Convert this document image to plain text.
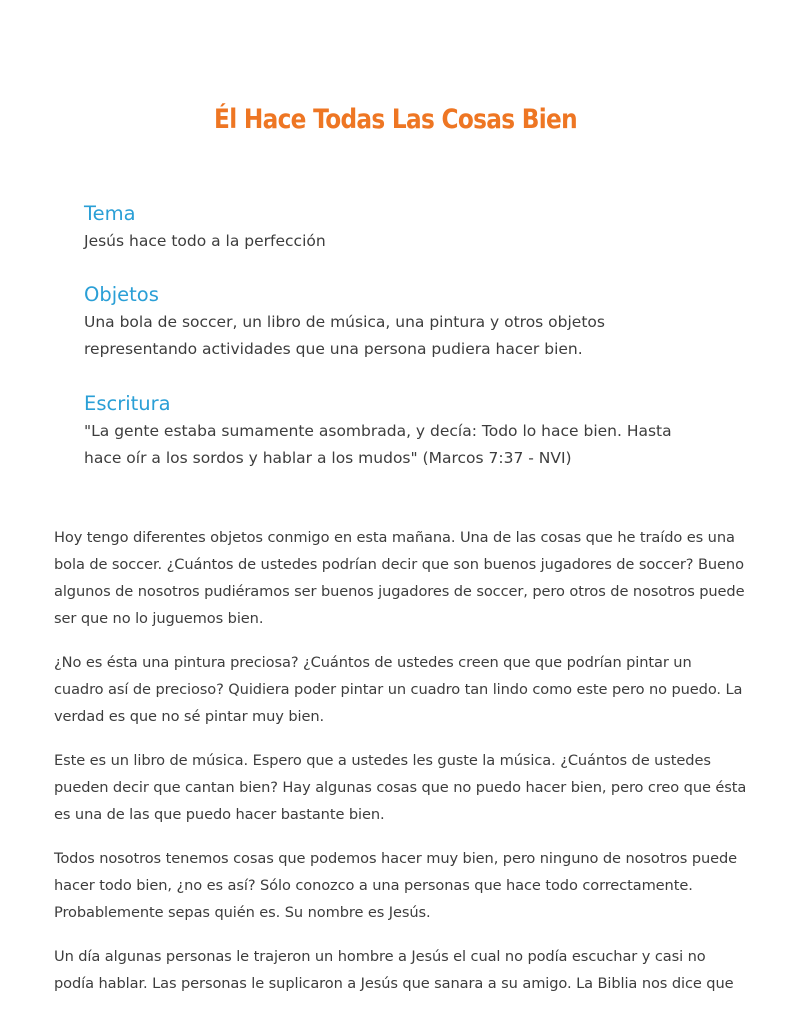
Él Hace Todas Las Cosas Bien
Tema

Jesús hace todo a la perfección

Objetos

Una bola de soccer, un libro de música, una pintura y otros objetos
representando actividades que una persona pudiera hacer bien.

Escritura

"La gente estaba sumamente asombrada, y decía: Todo lo hace bien. Hasta
hace oír a los sordos y hablar a los mudos" (Marcos 7:37 - NVI)

Hoy tengo diferentes objetos conmigo en esta mañana. Una de las cosas que he traído es una
bola de soccer. ¿Cuántos de ustedes podrían decir que son buenos jugadores de soccer? Bueno
algunos de nosotros pudiéramos ser buenos jugadores de soccer, pero otros de nosotros puede
ser que no lo juguemos bien.

¿No es ésta una pintura preciosa? ¿Cuántos de ustedes creen que que podrían pintar un
cuadro así de precioso? Quidiera poder pintar un cuadro tan lindo como este pero no puedo. La
verdad es que no sé pintar muy bien.

Este es un libro de música. Espero que a ustedes les guste la música. ¿Cuántos de ustedes
pueden decir que cantan bien? Hay algunas cosas que no puedo hacer bien, pero creo que ésta
es una de las que puedo hacer bastante bien.

Todos nosotros tenemos cosas que podemos hacer muy bien, pero ninguno de nosotros puede
hacer todo bien, ¿no es así? Sólo conozco a una personas que hace todo correctamente.
Probablemente sepas quién es. Su nombre es Jesús.

Un día algunas personas le trajeron un hombre a Jesús el cual no podía escuchar y casi no
podía hablar. Las personas le suplicaron a Jesús que sanara a su amigo. La Biblia nos dice que
